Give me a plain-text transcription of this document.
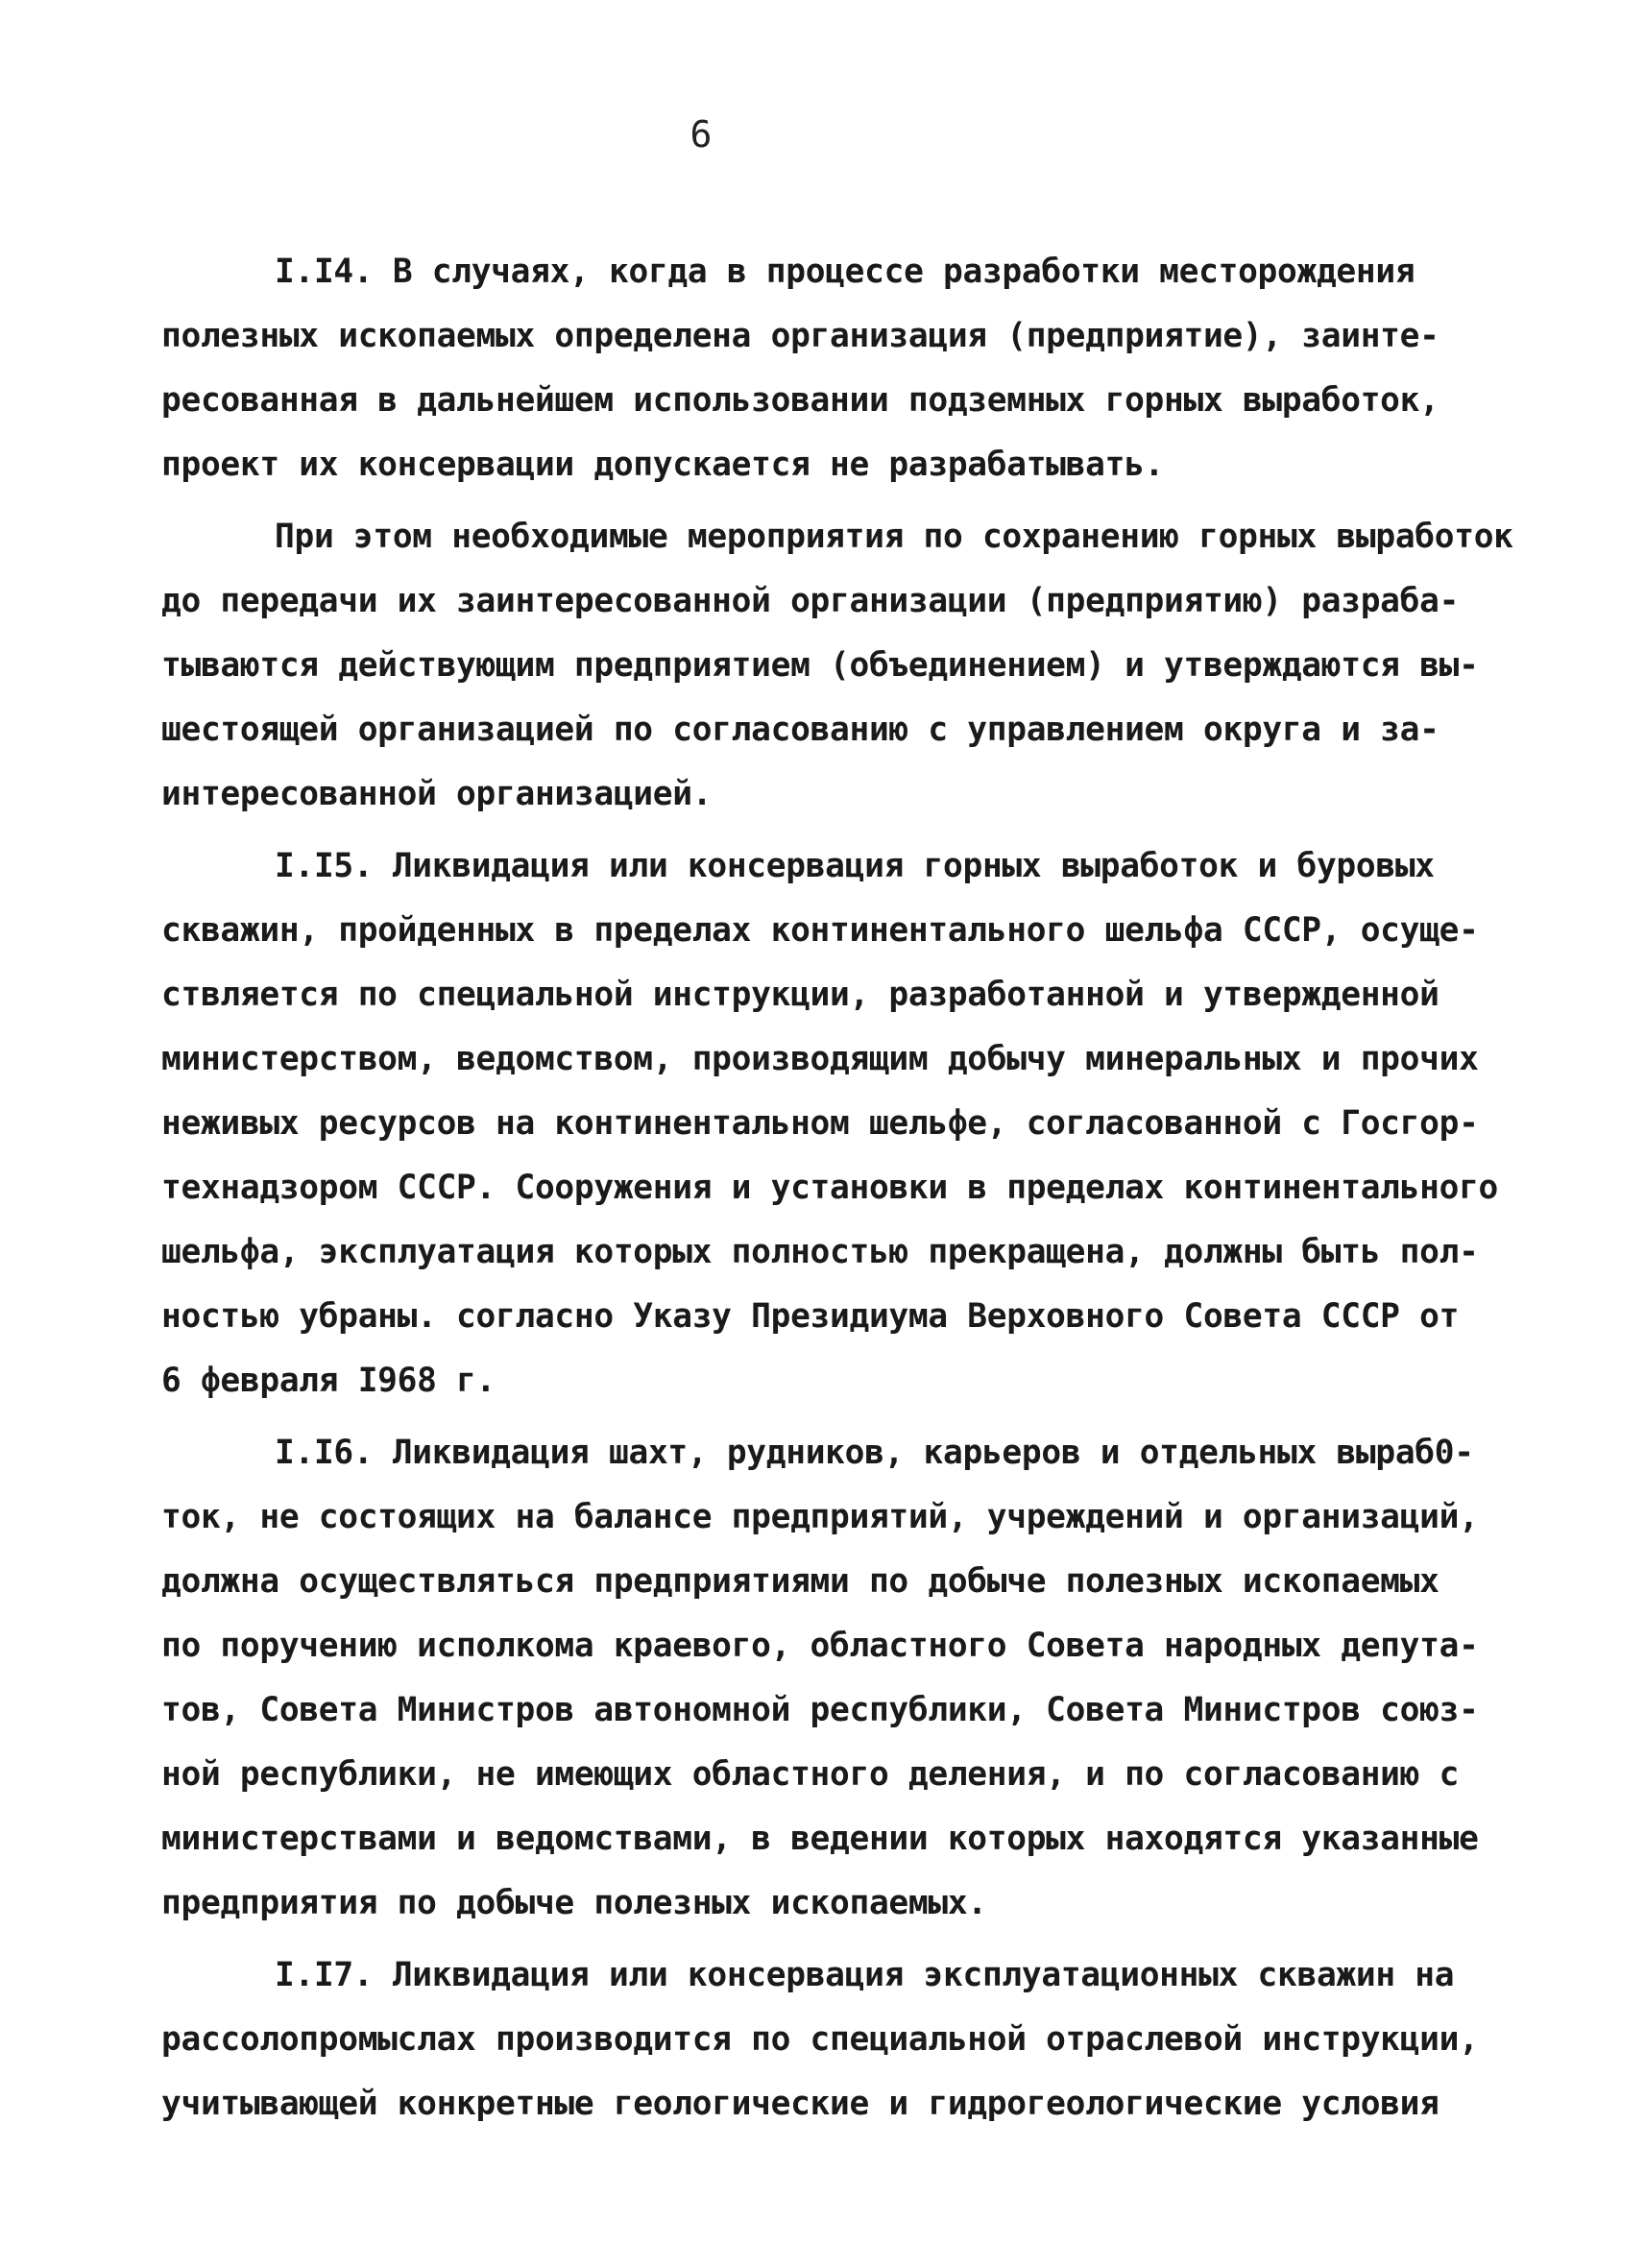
6
I.I4. В случаях, когда в процессе разработки месторождения
полезных ископаемых определена организация (предприятие), заинте-
ресованная в дальнейшем использовании подземных горных выработок,
проект их консервации допускается не разрабатывать.
При этом необходимые мероприятия по сохранению горных выработок
до передачи их заинтересованной организации (предприятию) разраба-
тываются действующим предприятием (объединением) и утверждаются вы-
шестоящей организацией по согласованию с управлением округа и за-
интересованной организацией.
I.I5. Ликвидация или консервация горных выработок и буровых
скважин, пройденных в пределах континентального шельфа СССР, осуще-
ствляется по специальной инструкции, разработанной и утвержденной
министерством, ведомством, производящим добычу минеральных и прочих
неживых ресурсов на континентальном шельфе, согласованной с Госгор-
технадзором СССР. Сооружения и установки в пределах континентального
шельфа, эксплуатация которых полностью прекращена, должны быть пол-
ностью убраны. согласно Указу Президиума Верховного Совета СССР от
6 февраля I968 г.
I.I6. Ликвидация шахт, рудников, карьеров и отдельных выраб0-
ток, не состоящих на балансе предприятий, учреждений и организаций,
должна осуществляться предприятиями по добыче полезных ископаемых
по поручению исполкома краевого, областного Совета народных депута-
тов, Совета Министров автономной республики, Совета Министров союз-
ной республики, не имеющих областного деления, и по согласованию с
министерствами и ведомствами, в ведении которых находятся указанные
предприятия по добыче полезных ископаемых.
I.I7. Ликвидация или консервация эксплуатационных скважин на
рассолопромыслах производится по специальной отраслевой инструкции,
учитывающей конкретные геологические и гидрогеологические условия
